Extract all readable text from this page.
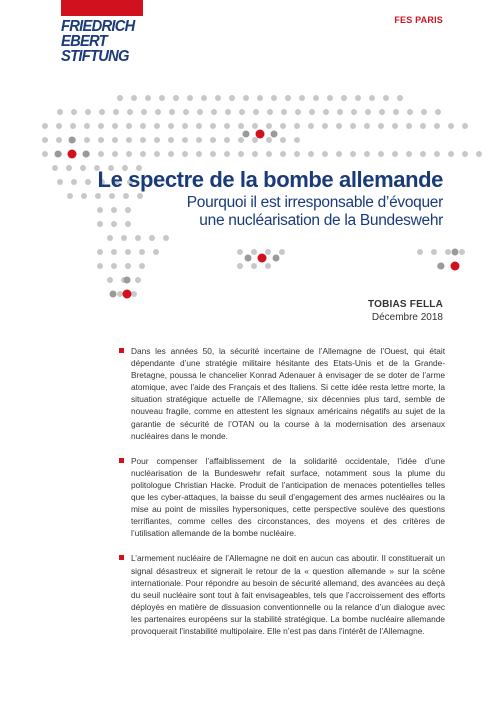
FRIEDRICH
EBERT
STIFTUNG
FES PARIS
Le spectre de la bombe allemande
Pourquoi il est irresponsable d’évoquer
une nucléarisation de la Bundeswehr
TOBIAS FELLA
Décembre 2018

Dans les années 50, la sécurité incertaine de l’Allemagne de l’Ouest, qui était dépendante d’une stratégie militaire hésitante des Etats-Unis et de la Grande-Bretagne, poussa le chancelier Konrad Adenauer à envisager de se doter de l’arme atomique, avec l’aide des Français et des Italiens. Si cette idée resta lettre morte, la situation stratégique actuelle de l’Allemagne, six décennies plus tard, semble de nouveau fragile, comme en attestent les signaux américains négatifs au sujet de la garantie de sécurité de l’OTAN ou la course à la modernisation des arsenaux nucléaires dans le monde.

Pour compenser l’affaiblissement de la solidarité occidentale, l’idée d’une nucléarisation de la Bundeswehr refait surface, notamment sous la plume du politologue Christian Hacke. Produit de l’anticipation de menaces potentielles telles que les cyber-attaques, la baisse du seuil d’engagement des armes nucléaires ou la mise au point de missiles hypersoniques, cette perspective soulève des questions terrifiantes, comme celles des circonstances, des moyens et des critères de l’utilisation allemande de la bombe nucléaire.

L’armement nucléaire de l’Allemagne ne doit en aucun cas aboutir. Il constituerait un signal désastreux et signerait le retour de la « question allemande » sur la scène internationale. Pour répondre au besoin de sécurité allemand, des avancées au deçà du seuil nucléaire sont tout à fait envisageables, tels que l’accroissement des efforts déployés en matière de dissuasion conventionnelle ou la relance d’un dialogue avec les partenaires européens sur la stabilité stratégique. La bombe nucléaire allemande provoquerait l’instabilité multipolaire. Elle n’est pas dans l’intérêt de l’Allemagne.
